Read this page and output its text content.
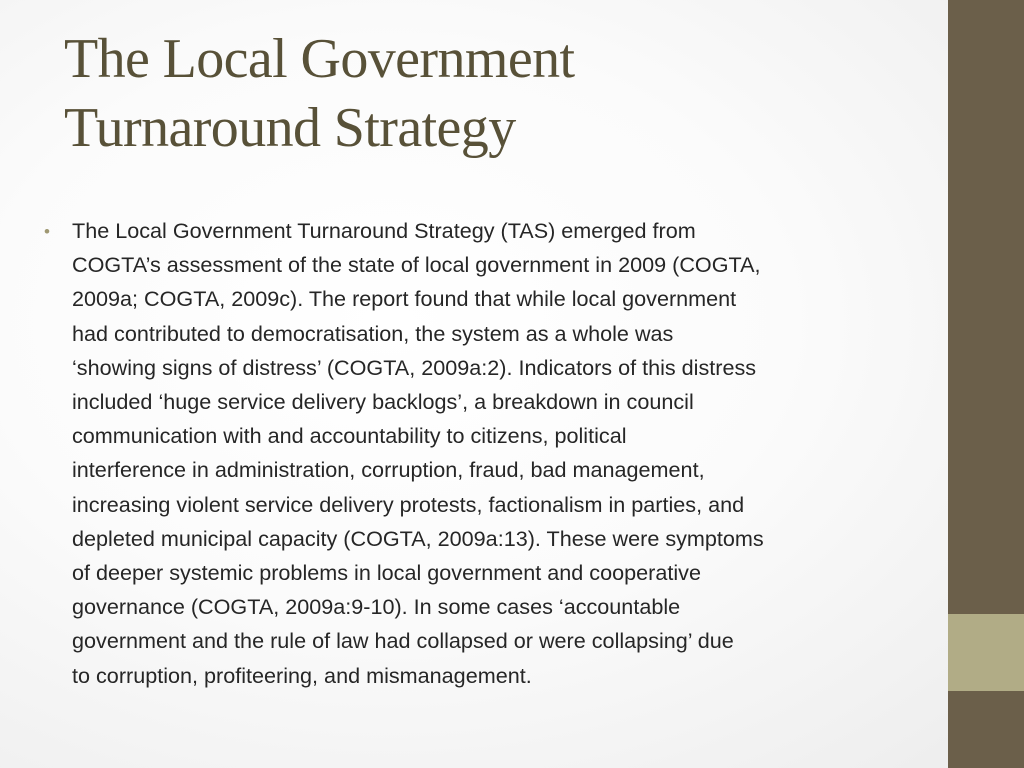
The Local Government
Turnaround Strategy
• The Local Government Turnaround Strategy (TAS) emerged from
COGTA’s assessment of the state of local government in 2009 (COGTA,
2009a; COGTA, 2009c). The report found that while local government
had contributed to democratisation, the system as a whole was
‘showing signs of distress’ (COGTA, 2009a:2). Indicators of this distress
included ‘huge service delivery backlogs’, a breakdown in council
communication with and accountability to citizens, political
interference in administration, corruption, fraud, bad management,
increasing violent service delivery protests, factionalism in parties, and
depleted municipal capacity (COGTA, 2009a:13). These were symptoms
of deeper systemic problems in local government and cooperative
governance (COGTA, 2009a:9-10). In some cases ‘accountable
government and the rule of law had collapsed or were collapsing’ due
to corruption, profiteering, and mismanagement.
